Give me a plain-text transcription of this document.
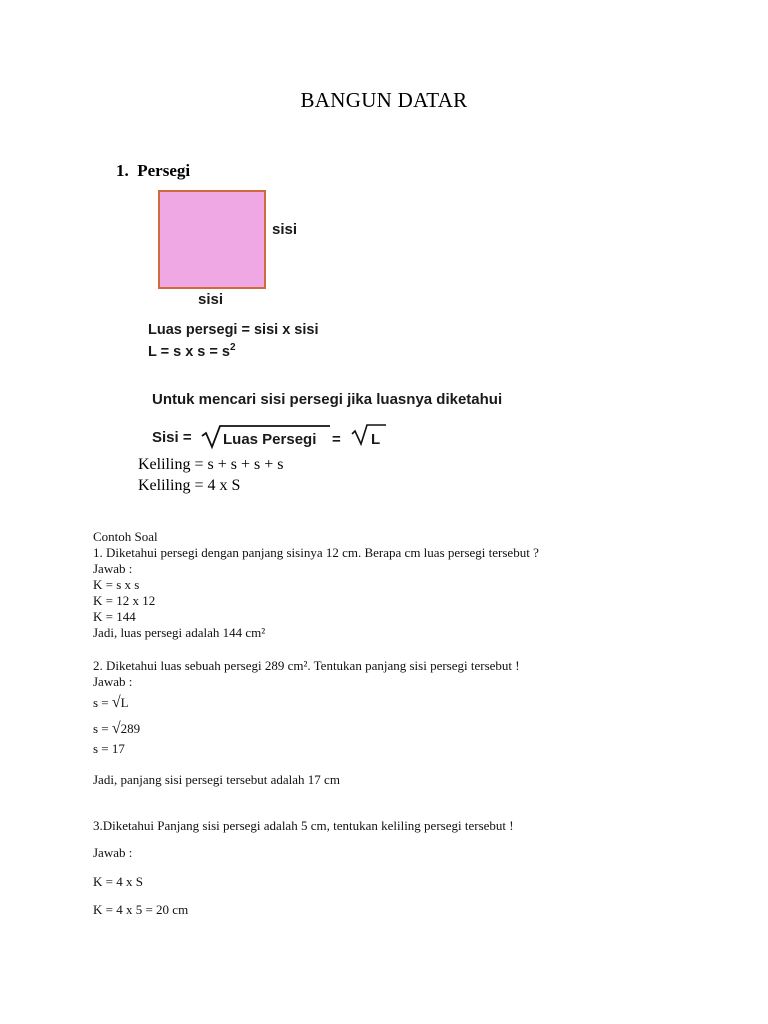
BANGUN DATAR
1. Persegi
sisi
sisi
Luas persegi = sisi x sisi
L = s x $s = s^2$
Untuk mencari sisi persegi jika luasnya diketahui
Sisi = Luas Persegi = L
Keliling = s + s + s + s
Keliling = 4 x S
Contoh Soal
1. Diketahui persegi dengan panjang sisinya 12 cm. Berapa cm luas persegi tersebut ?
Jawab :
K = s x s
K = 12 x 12
K = 144
Jadi, luas persegi adalah 144 cm²
2. Diketahui luas sebuah persegi 289 cm². Tentukan panjang sisi persegi tersebut !
Jawab :
s = √L
s = √289
s = 17
Jadi, panjang sisi persegi tersebut adalah 17 cm
3.Diketahui Panjang sisi persegi adalah 5 cm, tentukan keliling persegi tersebut !
Jawab :
K = 4 x S
K = 4 x 5 = 20 cm
